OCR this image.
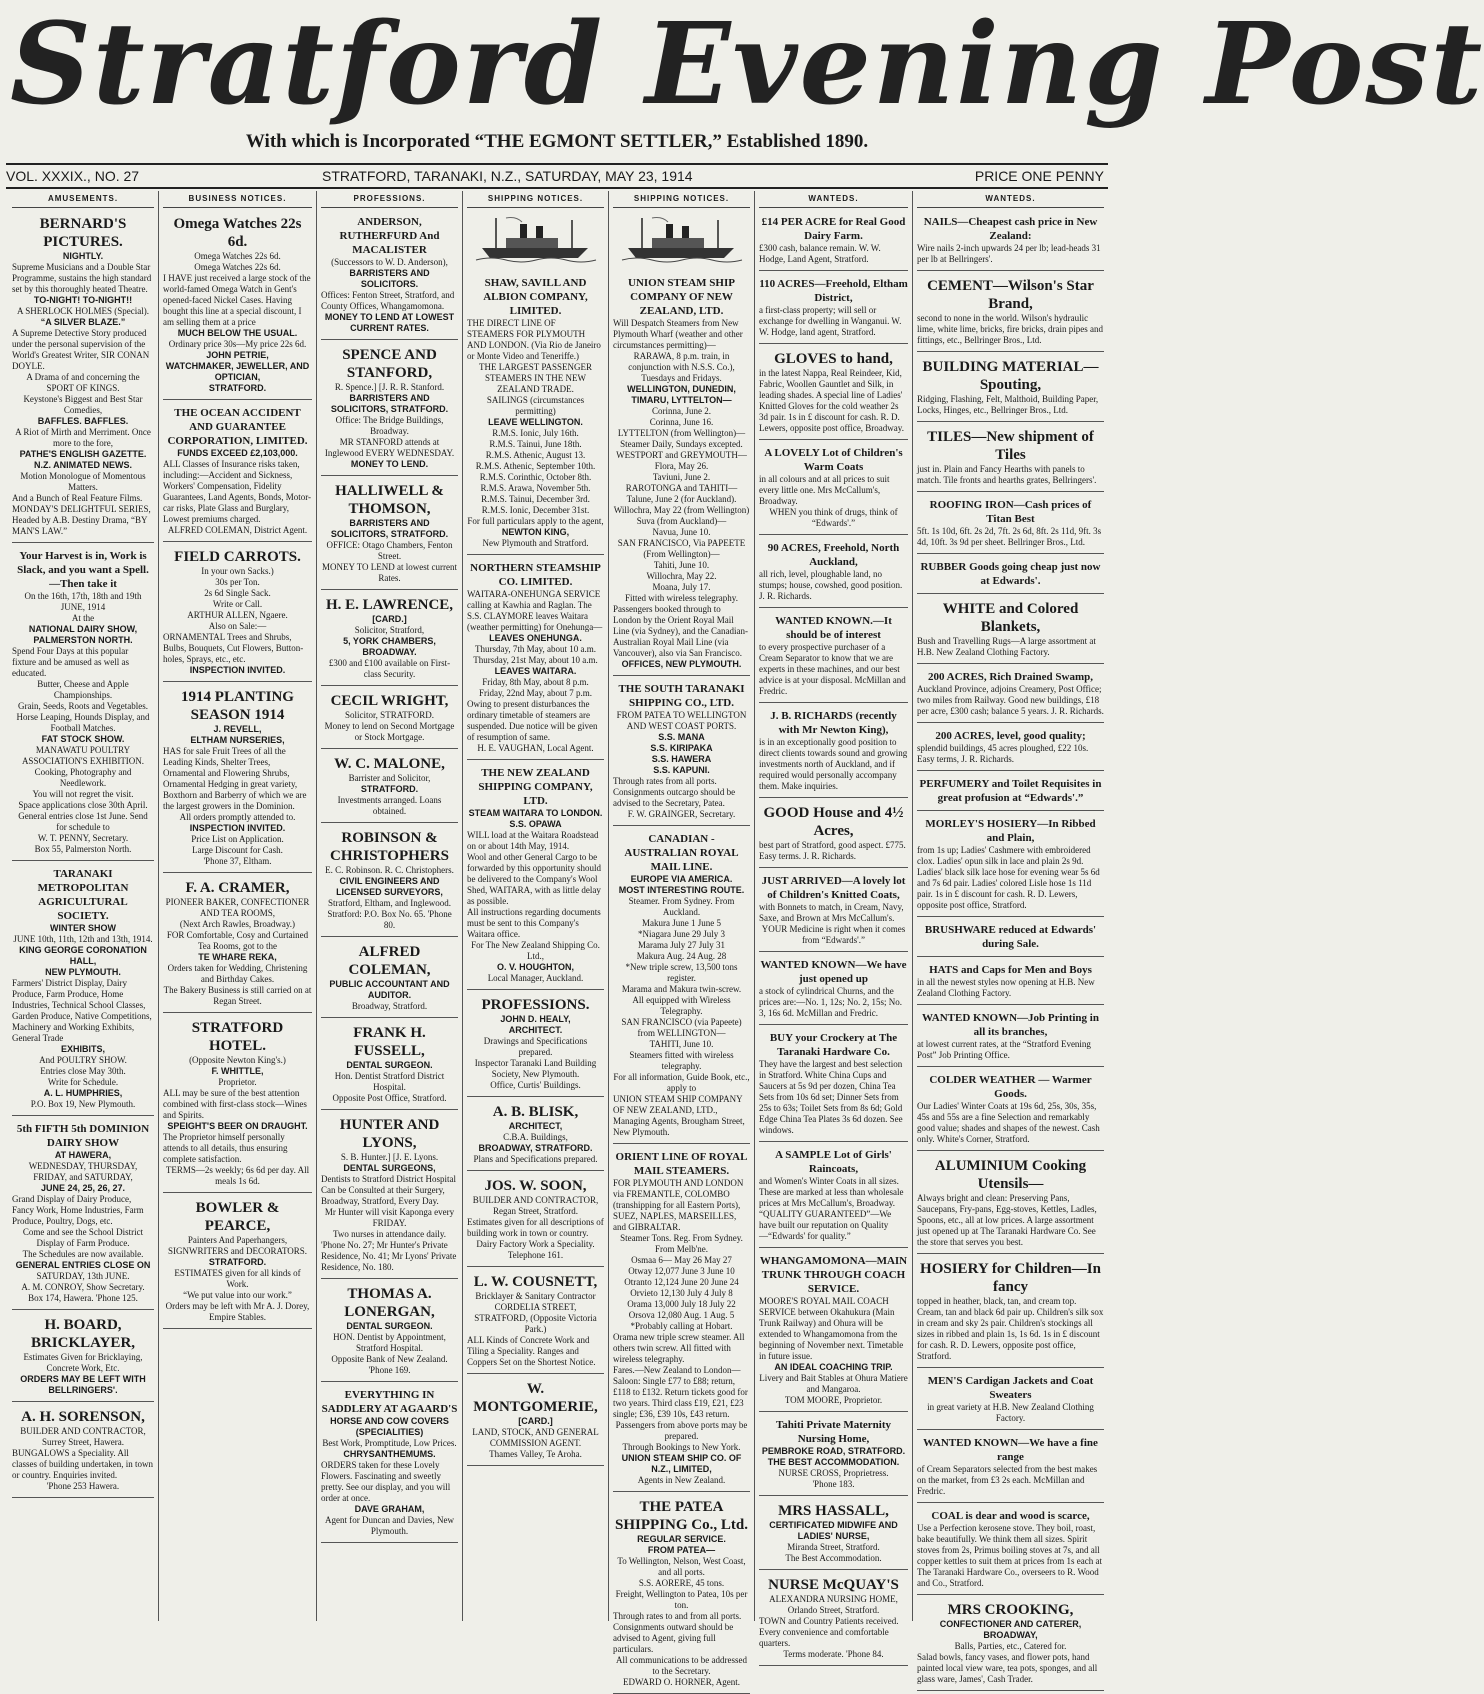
Stratford Evening Post
With which is Incorporated “THE EGMONT SETTLER,” Established 1890.
VOL. XXXIX., NO. 27	STRATFORD, TARANAKI, N.Z., SATURDAY, MAY 23, 1914	PRICE ONE PENNY
AMUSEMENTS.
BERNARD'S PICTURES.
NIGHTLY.
Supreme Musicians and a Double Star Programme, sustains the high standard set by this thoroughly heated Theatre.
TO-NIGHT! TO-NIGHT!!
A SHERLOCK HOLMES (Special).
“A SILVER BLAZE.”
A Supreme Detective Story produced under the personal supervision of the World's Greatest Writer, SIR CONAN DOYLE.
A Drama of and concerning the SPORT OF KINGS.
Keystone's Biggest and Best Star Comedies,
BAFFLES. BAFFLES.
A Riot of Mirth and Merriment. Once more to the fore,
PATHE'S ENGLISH GAZETTE.
N.Z. ANIMATED NEWS.
Motion Monologue of Momentous Matters.
And a Bunch of Real Feature Films. MONDAY'S DELIGHTFUL SERIES, Headed by A.B. Destiny Drama, “BY MAN'S LAW.”
Your Harvest is in, Work is Slack, and you want a Spell.—Then take it
On the 16th, 17th, 18th and 19th JUNE, 1914
At the
NATIONAL DAIRY SHOW,
PALMERSTON NORTH.
Spend Four Days at this popular fixture and be amused as well as educated.
Butter, Cheese and Apple Championships.
Grain, Seeds, Roots and Vegetables.
Horse Leaping, Hounds Display, and Football Matches.
FAT STOCK SHOW.
MANAWATU POULTRY ASSOCIATION'S EXHIBITION.
Cooking, Photography and Needlework.
You will not regret the visit.
Space applications close 30th April.
General entries close 1st June. Send for schedule to
W. T. PENNY, Secretary.
Box 55, Palmerston North.
TARANAKI METROPOLITAN AGRICULTURAL SOCIETY.
WINTER SHOW
JUNE 10th, 11th, 12th and 13th, 1914.
KING GEORGE CORONATION HALL,
NEW PLYMOUTH.
Farmers' District Display, Dairy Produce, Farm Produce, Home Industries, Technical School Classes, Garden Produce, Native Competitions, Machinery and Working Exhibits, General Trade
EXHIBITS,
And POULTRY SHOW.
Entries close May 30th.
Write for Schedule.
A. L. HUMPHRIES,
P.O. Box 19, New Plymouth.
5th FIFTH 5th DOMINION DAIRY SHOW
AT HAWERA,
WEDNESDAY, THURSDAY, FRIDAY, and SATURDAY,
JUNE 24, 25, 26, 27.
Grand Display of Dairy Produce, Fancy Work, Home Industries, Farm Produce, Poultry, Dogs, etc.
Come and see the School District Display of Farm Produce.
The Schedules are now available.
GENERAL ENTRIES CLOSE ON
SATURDAY, 13th JUNE.
A. M. CONROY, Show Secretary.
Box 174, Hawera. 'Phone 125.
H. BOARD, BRICKLAYER,
Estimates Given for Bricklaying, Concrete Work, Etc.
ORDERS MAY BE LEFT WITH BELLRINGERS'.
A. H. SORENSON,
BUILDER AND CONTRACTOR, Surrey Street, Hawera.
BUNGALOWS a Speciality. All classes of building undertaken, in town or country. Enquiries invited.
'Phone 253 Hawera.
BUSINESS NOTICES.
Omega Watches 22s 6d.
Omega Watches 22s 6d.
Omega Watches 22s 6d.
I HAVE just received a large stock of the world-famed Omega Watch in Gent's opened-faced Nickel Cases. Having bought this line at a special discount, I am selling them at a price
MUCH BELOW THE USUAL.
Ordinary price 30s—My price 22s 6d.
JOHN PETRIE,
WATCHMAKER, JEWELLER, AND OPTICIAN,
STRATFORD.
THE OCEAN ACCIDENT AND GUARANTEE CORPORATION, LIMITED.
FUNDS EXCEED £2,103,000.
ALL Classes of Insurance risks taken, including:—Accident and Sickness, Workers' Compensation, Fidelity Guarantees, Land Agents, Bonds, Motor-car risks, Plate Glass and Burglary, Lowest premiums charged.
ALFRED COLEMAN, District Agent.
FIELD CARROTS.
In your own Sacks.)
30s per Ton.
2s 6d Single Sack.
Write or Call.
ARTHUR ALLEN, Ngaere.
Also on Sale:—
ORNAMENTAL Trees and Shrubs, Bulbs, Bouquets, Cut Flowers, Button-holes, Sprays, etc., etc.
INSPECTION INVITED.
1914 PLANTING SEASON 1914
J. REVELL,
ELTHAM NURSERIES,
HAS for sale Fruit Trees of all the Leading Kinds, Shelter Trees, Ornamental and Flowering Shrubs, Ornamental Hedging in great variety, Boxthorn and Barberry of which we are the largest growers in the Dominion.
All orders promptly attended to.
INSPECTION INVITED.
Price List on Application.
Large Discount for Cash.
'Phone 37, Eltham.
F. A. CRAMER,
PIONEER BAKER, CONFECTIONER AND TEA ROOMS,
(Next Arch Rawles, Broadway.)
FOR Comfortable, Cosy and Curtained Tea Rooms, got to the
TE WHARE REKA,
Orders taken for Wedding, Christening and Birthday Cakes.
The Bakery Business is still carried on at Regan Street.
STRATFORD HOTEL.
(Opposite Newton King's.)
F. WHITTLE,
Proprietor.
ALL may be sure of the best attention combined with first-class stock—Wines and Spirits.
SPEIGHT'S BEER ON DRAUGHT.
The Proprietor himself personally attends to all details, thus ensuring complete satisfaction.
TERMS—2s weekly; 6s 6d per day. All meals 1s 6d.
BOWLER & PEARCE,
Painters And Paperhangers, SIGNWRITERS and DECORATORS.
STRATFORD.
ESTIMATES given for all kinds of Work.
“We put value into our work.”
Orders may be left with Mr A. J. Dorey, Empire Stables.
PROFESSIONS.
ANDERSON, RUTHERFURD And MACALISTER
(Successors to W. D. Anderson),
BARRISTERS AND SOLICITORS.
Offices: Fenton Street, Stratford, and County Offices, Whangamomona.
MONEY TO LEND AT LOWEST CURRENT RATES.
SPENCE AND STANFORD,
R. Spence.] [J. R. R. Stanford.
BARRISTERS AND SOLICITORS, STRATFORD.
Office: The Bridge Buildings, Broadway.
MR STANFORD attends at Inglewood EVERY WEDNESDAY.
MONEY TO LEND.
HALLIWELL & THOMSON,
BARRISTERS AND SOLICITORS, STRATFORD.
OFFICE: Otago Chambers, Fenton Street.
MONEY TO LEND at lowest current Rates.
H. E. LAWRENCE,
[CARD.]
Solicitor, Stratford,
5, YORK CHAMBERS, BROADWAY.
£300 and £100 available on First-class Security.
CECIL WRIGHT,
Solicitor, STRATFORD.
Money to lend on Second Mortgage or Stock Mortgage.
W. C. MALONE,
Barrister and Solicitor,
STRATFORD.
Investments arranged. Loans obtained.
ROBINSON & CHRISTOPHERS
E. C. Robinson. R. C. Christophers.
CIVIL ENGINEERS AND LICENSED SURVEYORS,
Stratford, Eltham, and Inglewood.
Stratford: P.O. Box No. 65. 'Phone 80.
ALFRED COLEMAN,
PUBLIC ACCOUNTANT AND AUDITOR.
Broadway, Stratford.
FRANK H. FUSSELL,
DENTAL SURGEON.
Hon. Dentist Stratford District Hospital.
Opposite Post Office, Stratford.
HUNTER AND LYONS,
S. B. Hunter.] [J. E. Lyons.
DENTAL SURGEONS,
Dentists to Stratford District Hospital Can be Consulted at their Surgery, Broadway, Stratford, Every Day.
Mr Hunter will visit Kaponga every FRIDAY.
Two nurses in attendance daily.
'Phone No. 27; Mr Hunter's Private Residence, No. 41; Mr Lyons' Private Residence, No. 180.
THOMAS A. LONERGAN,
DENTAL SURGEON.
HON. Dentist by Appointment, Stratford Hospital.
Opposite Bank of New Zealand.
'Phone 169.
EVERYTHING IN SADDLERY AT AGAARD'S
HORSE AND COW COVERS (SPECIALITIES)
Best Work, Promptitude, Low Prices.
CHRYSANTHEMUMS.
ORDERS taken for these Lovely Flowers. Fascinating and sweetly pretty. See our display, and you will order at once.
DAVE GRAHAM,
Agent for Duncan and Davies, New Plymouth.
SHIPPING NOTICES.
SHAW, SAVILL AND ALBION COMPANY, LIMITED.
THE DIRECT LINE OF STEAMERS FOR PLYMOUTH AND LONDON. (Via Rio de Janeiro or Monte Video and Teneriffe.)
THE LARGEST PASSENGER STEAMERS IN THE NEW ZEALAND TRADE.
SAILINGS (circumstances permitting)
LEAVE WELLINGTON.
R.M.S. Ionic, July 16th.
R.M.S. Tainui, June 18th.
R.M.S. Athenic, August 13.
R.M.S. Athenic, September 10th.
R.M.S. Corinthic, October 8th.
R.M.S. Arawa, November 5th.
R.M.S. Tainui, December 3rd.
R.M.S. Ionic, December 31st.
For full particulars apply to the agent,
NEWTON KING,
New Plymouth and Stratford.
NORTHERN STEAMSHIP CO. LIMITED.
WAITARA-ONEHUNGA SERVICE calling at Kawhia and Raglan. The S.S. CLAYMORE leaves Waitara (weather permitting) for Onehunga—
LEAVES ONEHUNGA.
Thursday, 7th May, about 10 a.m.
Thursday, 21st May, about 10 a.m.
LEAVES WAITARA.
Friday, 8th May, about 8 p.m.
Friday, 22nd May, about 7 p.m.
Owing to present disturbances the ordinary timetable of steamers are suspended. Due notice will be given of resumption of same.
H. E. VAUGHAN, Local Agent.
THE NEW ZEALAND SHIPPING COMPANY, LTD.
STEAM WAITARA TO LONDON.
S.S. OPAWA
WILL load at the Waitara Roadstead on or about 14th May, 1914.
Wool and other General Cargo to be forwarded by this opportunity should be delivered to the Company's Wool Shed, WAITARA, with as little delay as possible.
All instructions regarding documents must be sent to this Company's Waitara office.
For The New Zealand Shipping Co. Ltd.,
O. V. HOUGHTON,
Local Manager, Auckland.
PROFESSIONS.
JOHN D. HEALY,
ARCHITECT.
Drawings and Specifications prepared.
Inspector Taranaki Land Building Society, New Plymouth.
Office, Curtis' Buildings.
A. B. BLISK,
ARCHITECT,
C.B.A. Buildings,
BROADWAY, STRATFORD.
Plans and Specifications prepared.
JOS. W. SOON,
BUILDER AND CONTRACTOR, Regan Street, Stratford.
Estimates given for all descriptions of building work in town or country.
Dairy Factory Work a Speciality.
Telephone 161.
L. W. COUSNETT,
Bricklayer & Sanitary Contractor
CORDELIA STREET, STRATFORD, (Opposite Victoria Park.)
ALL Kinds of Concrete Work and Tiling a Speciality. Ranges and Coppers Set on the Shortest Notice.
W. MONTGOMERIE,
[CARD.]
LAND, STOCK, AND GENERAL COMMISSION AGENT.
Thames Valley, Te Aroha.
SHIPPING NOTICES.
UNION STEAM SHIP COMPANY OF NEW ZEALAND, LTD.
Will Despatch Steamers from New Plymouth Wharf (weather and other circumstances permitting)—
RARAWA, 8 p.m. train, in conjunction with N.S.S. Co.),
Tuesdays and Fridays.
WELLINGTON, DUNEDIN, TIMARU, LYTTELTON—
Corinna, June 2.
Corinna, June 16.
LYTTELTON (from Wellington)—
Steamer Daily, Sundays excepted.
WESTPORT and GREYMOUTH—
Flora, May 26.
Taviuni, June 2.
RAROTONGA and TAHITI—
Talune, June 2 (for Auckland).
Willochra, May 22 (from Wellington)
Suva (from Auckland)—
Navua, June 10.
SAN FRANCISCO, Via PAPEETE (From Wellington)—
Tahiti, June 10.
Willochra, May 22.
Moana, July 17.
Fitted with wireless telegraphy.
Passengers booked through to London by the Orient Royal Mail Line (via Sydney), and the Canadian-Australian Royal Mail Line (via Vancouver), also via San Francisco.
OFFICES, NEW PLYMOUTH.
THE SOUTH TARANAKI SHIPPING CO., LTD.
FROM PATEA TO WELLINGTON AND WEST COAST PORTS.
S.S. MANA
S.S. KIRIPAKA
S.S. HAWERA
S.S. KAPUNI.
Through rates from all ports. Consignments outcargo should be advised to the Secretary, Patea.
F. W. GRAINGER, Secretary.
CANADIAN - AUSTRALIAN ROYAL MAIL LINE.
EUROPE VIA AMERICA.
MOST INTERESTING ROUTE.
Steamer. From Sydney. From Auckland.
Makura June 1 June 5
*Niagara June 29 July 3
Marama July 27 July 31
Makura Aug. 24 Aug. 28
*New triple screw, 13,500 tons register.
Marama and Makura twin-screw.
All equipped with Wireless Telegraphy.
SAN FRANCISCO (via Papeete) from WELLINGTON—
TAHITI, June 10.
Steamers fitted with wireless telegraphy.
For all information, Guide Book, etc., apply to
UNION STEAM SHIP COMPANY OF NEW ZEALAND, LTD., Managing Agents, Brougham Street, New Plymouth.
ORIENT LINE OF ROYAL MAIL STEAMERS.
FOR PLYMOUTH AND LONDON via FREMANTLE, COLOMBO (transhipping for all Eastern Ports), SUEZ, NAPLES, MARSEILLES, and GIBRALTAR.
Steamer Tons. Reg. From Sydney. From Melb'ne.
Osmaa 6— May 26 May 27
Otway 12,077 June 3 June 10
Otranto 12,124 June 20 June 24
Orvieto 12,130 July 4 July 8
Orama 13,000 July 18 July 22
Orsova 12,080 Aug. 1 Aug. 5
*Probably calling at Hobart.
Orama new triple screw steamer. All others twin screw. All fitted with wireless telegraphy.
Fares.—New Zealand to London—Saloon: Single £77 to £88; return, £118 to £132. Return tickets good for two years. Third class £19, £21, £23 single; £36, £39 10s, £43 return.
Passengers from above ports may be prepared.
Through Bookings to New York.
UNION STEAM SHIP CO. OF N.Z., LIMITED,
Agents in New Zealand.
THE PATEA SHIPPING Co., Ltd.
REGULAR SERVICE.
FROM PATEA—
To Wellington, Nelson, West Coast, and all ports.
S.S. AORERE, 45 tons.
Freight, Wellington to Patea, 10s per ton.
Through rates to and from all ports. Consignments outward should be advised to Agent, giving full particulars.
All communications to be addressed to the Secretary.
EDWARD O. HORNER, Agent.
WANTEDS.
£14 PER ACRE for Real Good Dairy Farm.
£300 cash, balance remain. W. W. Hodge, Land Agent, Stratford.
110 ACRES—Freehold, Eltham District,
a first-class property; will sell or exchange for dwelling in Wanganui. W. W. Hodge, land agent, Stratford.
GLOVES to hand,
in the latest Nappa, Real Reindeer, Kid, Fabric, Woollen Gauntlet and Silk, in leading shades. A special line of Ladies' Knitted Gloves for the cold weather 2s 3d pair. 1s in £ discount for cash. R. D. Lewers, opposite post office, Broadway.
A LOVELY Lot of Children's Warm Coats
in all colours and at all prices to suit every little one. Mrs McCallum's, Broadway.
WHEN you think of drugs, think of “Edwards'.”
90 ACRES, Freehold, North Auckland,
all rich, level, ploughable land, no stumps; house, cowshed, good position. J. R. Richards.
WANTED KNOWN.—It should be of interest
to every prospective purchaser of a Cream Separator to know that we are experts in these machines, and our best advice is at your disposal. McMillan and Fredric.
J. B. RICHARDS (recently with Mr Newton King),
is in an exceptionally good position to direct clients towards sound and growing investments north of Auckland, and if required would personally accompany them. Make inquiries.
GOOD House and 4½ Acres,
best part of Stratford, good aspect. £775. Easy terms. J. R. Richards.
JUST ARRIVED—A lovely lot of Children's Knitted Coats,
with Bonnets to match, in Cream, Navy, Saxe, and Brown at Mrs McCallum's.
YOUR Medicine is right when it comes from “Edwards'.”
WANTED KNOWN—We have just opened up
a stock of cylindrical Churns, and the prices are:—No. 1, 12s; No. 2, 15s; No. 3, 16s 6d. McMillan and Fredric.
BUY your Crockery at The Taranaki Hardware Co.
They have the largest and best selection in Stratford. White China Cups and Saucers at 5s 9d per dozen, China Tea Sets from 10s 6d set; Dinner Sets from 25s to 63s; Toilet Sets from 8s 6d; Gold Edge China Tea Plates 3s 6d dozen. See windows.
A SAMPLE Lot of Girls' Raincoats,
and Women's Winter Coats in all sizes. These are marked at less than wholesale prices at Mrs McCallum's, Broadway.
“QUALITY GUARANTEED”—We have built our reputation on Quality—“Edwards' for quality.”
WHANGAMOMONA—MAIN TRUNK THROUGH COACH SERVICE.
MOORE'S ROYAL MAIL COACH SERVICE between Okahukura (Main Trunk Railway) and Ohura will be extended to Whangamomona from the beginning of November next. Timetable in future issue.
AN IDEAL COACHING TRIP.
Livery and Bait Stables at Ohura Matiere and Mangaroa.
TOM MOORE, Proprietor.
Tahiti Private Maternity Nursing Home,
PEMBROKE ROAD, STRATFORD.
THE BEST ACCOMMODATION.
NURSE CROSS, Proprietress.
'Phone 183.
MRS HASSALL,
CERTIFICATED MIDWIFE AND LADIES' NURSE,
Miranda Street, Stratford.
The Best Accommodation.
NURSE McQUAY'S
ALEXANDRA NURSING HOME, Orlando Street, Stratford.
TOWN and Country Patients received. Every convenience and comfortable quarters.
Terms moderate. 'Phone 84.
WANTEDS.
NAILS—Cheapest cash price in New Zealand:
Wire nails 2-inch upwards 24 per lb; lead-heads 31 per lb at Bellringers'.
CEMENT—Wilson's Star Brand,
second to none in the world. Wilson's hydraulic lime, white lime, bricks, fire bricks, drain pipes and fittings, etc., Bellringer Bros., Ltd.
BUILDING MATERIAL—Spouting,
Ridging, Flashing, Felt, Malthoid, Building Paper, Locks, Hinges, etc., Bellringer Bros., Ltd.
TILES—New shipment of Tiles
just in. Plain and Fancy Hearths with panels to match. Tile fronts and hearths grates, Bellringers'.
ROOFING IRON—Cash prices of Titan Best
5ft. 1s 10d, 6ft. 2s 2d, 7ft. 2s 6d, 8ft. 2s 11d, 9ft. 3s 4d, 10ft. 3s 9d per sheet. Bellringer Bros., Ltd.
RUBBER Goods going cheap just now at Edwards'.
WHITE and Colored Blankets,
Bush and Travelling Rugs—A large assortment at H.B. New Zealand Clothing Factory.
200 ACRES, Rich Drained Swamp,
Auckland Province, adjoins Creamery, Post Office; two miles from Railway. Good new buildings, £18 per acre, £300 cash; balance 5 years. J. R. Richards.
200 ACRES, level, good quality;
splendid buildings, 45 acres ploughed, £22 10s. Easy terms, J. R. Richards.
PERFUMERY and Toilet Requisites in great profusion at “Edwards'.”
MORLEY'S HOSIERY—In Ribbed and Plain,
from 1s up; Ladies' Cashmere with embroidered clox. Ladies' opun silk in lace and plain 2s 9d. Ladies' black silk lace hose for evening wear 5s 6d and 7s 6d pair. Ladies' colored Lisle hose 1s 11d pair. 1s in £ discount for cash. R. D. Lewers, opposite post office, Stratford.
BRUSHWARE reduced at Edwards' during Sale.
HATS and Caps for Men and Boys
in all the newest styles now opening at H.B. New Zealand Clothing Factory.
WANTED KNOWN—Job Printing in all its branches,
at lowest current rates, at the “Stratford Evening Post” Job Printing Office.
COLDER WEATHER — Warmer Goods.
Our Ladies' Winter Coats at 19s 6d, 25s, 30s, 35s, 45s and 55s are a fine Selection and remarkably good value; shades and shapes of the newest. Cash only. White's Corner, Stratford.
ALUMINIUM Cooking Utensils—
Always bright and clean: Preserving Pans, Saucepans, Fry-pans, Egg-stoves, Kettles, Ladles, Spoons, etc., all at low prices. A large assortment just opened up at The Taranaki Hardware Co. See the store that serves you best.
HOSIERY for Children—In fancy
topped in heather, black, tan, and cream top. Cream, tan and black 6d pair up. Children's silk sox in cream and sky 2s pair. Children's stockings all sizes in ribbed and plain 1s, 1s 6d. 1s in £ discount for cash. R. D. Lewers, opposite post office, Stratford.
MEN'S Cardigan Jackets and Coat Sweaters
in great variety at H.B. New Zealand Clothing Factory.
WANTED KNOWN—We have a fine range
of Cream Separators selected from the best makes on the market, from £3 2s each. McMillan and Fredric.
COAL is dear and wood is scarce,
Use a Perfection kerosene stove. They boil, roast, bake beautifully. We think them all sizes. Spirit stoves from 2s, Primus boiling stoves at 7s, and all copper kettles to suit them at prices from 1s each at The Taranaki Hardware Co., overseers to R. Wood and Co., Stratford.
MRS CROOKING,
CONFECTIONER AND CATERER, BROADWAY,
Balls, Parties, etc., Catered for.
Salad bowls, fancy vases, and flower pots, hand painted local view ware, tea pots, sponges, and all glass ware, James', Cash Trader.
